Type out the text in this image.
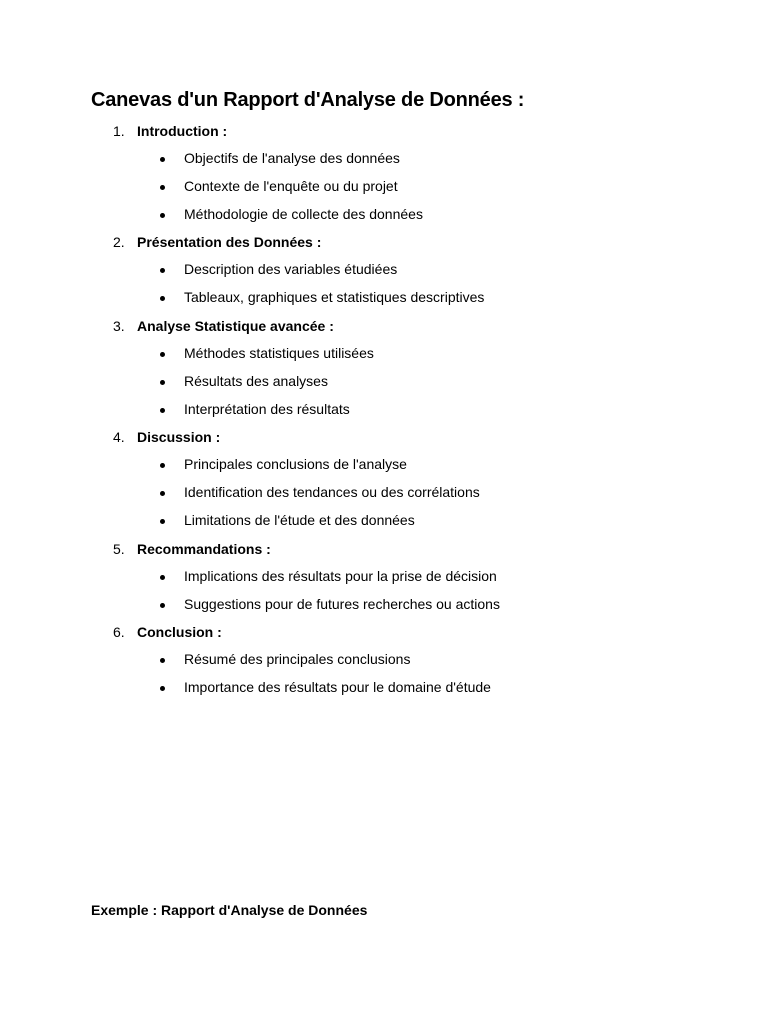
Canevas d'un Rapport d'Analyse de Données :
1. Introduction :
Objectifs de l'analyse des données
Contexte de l'enquête ou du projet
Méthodologie de collecte des données
2. Présentation des Données :
Description des variables étudiées
Tableaux, graphiques et statistiques descriptives
3. Analyse Statistique avancée :
Méthodes statistiques utilisées
Résultats des analyses
Interprétation des résultats
4. Discussion :
Principales conclusions de l'analyse
Identification des tendances ou des corrélations
Limitations de l'étude et des données
5. Recommandations :
Implications des résultats pour la prise de décision
Suggestions pour de futures recherches ou actions
6. Conclusion :
Résumé des principales conclusions
Importance des résultats pour le domaine d'étude

Exemple : Rapport d'Analyse de Données
